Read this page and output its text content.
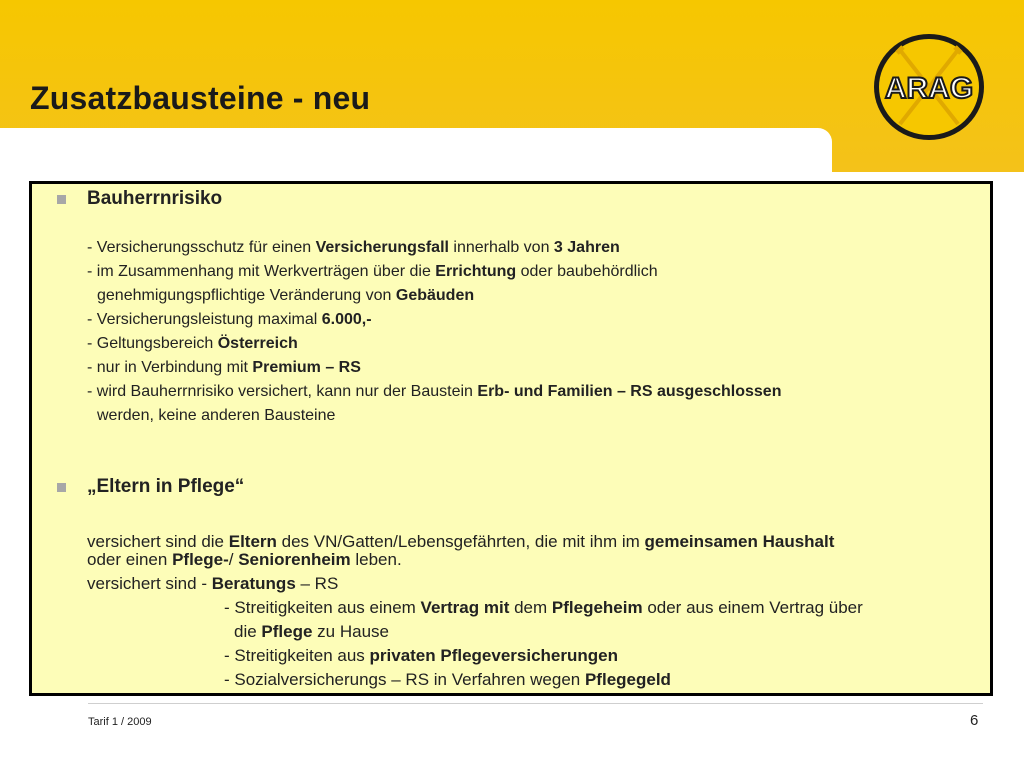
Zusatzbausteine - neu	ARAG
Bauherrnrisiko
- Versicherungsschutz für einen Versicherungsfall innerhalb von 3 Jahren
- im Zusammenhang mit Werkverträgen über die Errichtung oder baubehördlich
genehmigungspflichtige Veränderung von Gebäuden
- Versicherungsleistung maximal 6.000,-
- Geltungsbereich Österreich
- nur in Verbindung mit Premium – RS
- wird Bauherrnrisiko versichert, kann nur der Baustein Erb- und Familien – RS ausgeschlossen
werden, keine anderen Bausteine
„Eltern in Pflege“
versichert sind die Eltern des VN/Gatten/Lebensgefährten, die mit ihm im gemeinsamen Haushalt
oder einen Pflege-/ Seniorenheim leben.
versichert sind - Beratungs – RS
- Streitigkeiten aus einem Vertrag mit dem Pflegeheim oder aus einem Vertrag über
die Pflege zu Hause
- Streitigkeiten aus privaten Pflegeversicherungen
- Sozialversicherungs – RS in Verfahren wegen Pflegegeld
Tarif 1 / 2009	6
